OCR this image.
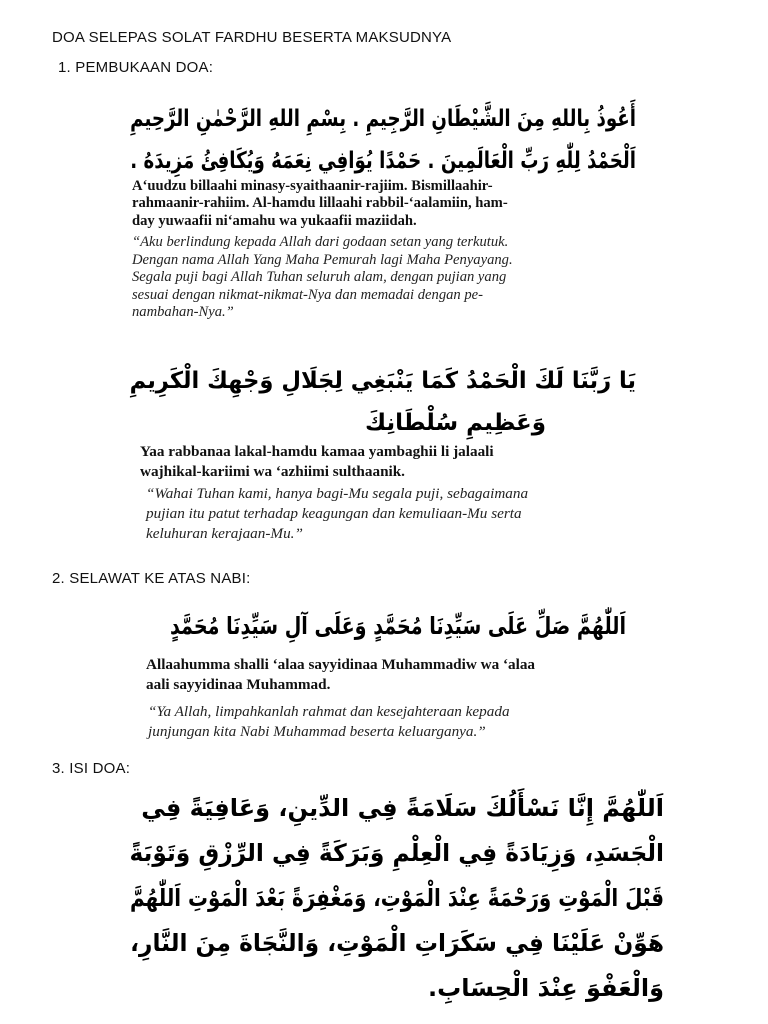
DOA SELEPAS SOLAT FARDHU BESERTA MAKSUDNYA
1. PEMBUKAAN DOA:
أَعُوذُ بِاللهِ مِنَ الشَّيْطَانِ الرَّجِيمِ . بِسْمِ اللهِ الرَّحْمٰنِ الرَّحِيمِ
اَلْحَمْدُ لِلّٰهِ رَبِّ الْعَالَمِينَ . حَمْدًا يُوَافِي نِعَمَهُ وَيُكَافِئُ مَزِيدَهُ .
A‘uudzu billaahi minasy-syaithaanir-rajiim. Bismillaahir-
rahmaanir-rahiim. Al-hamdu lillaahi rabbil-‘aalamiin, ham-
day yuwaafii ni‘amahu wa yukaafii maziidah.
“Aku berlindung kepada Allah dari godaan setan yang terkutuk.
Dengan nama Allah Yang Maha Pemurah lagi Maha Penyayang.
Segala puji bagi Allah Tuhan seluruh alam, dengan pujian yang
sesuai dengan nikmat-nikmat-Nya dan memadai dengan pe-
nambahan-Nya.”
يَا رَبَّنَا لَكَ الْحَمْدُ كَمَا يَنْبَغِي لِجَلَالِ وَجْهِكَ الْكَرِيمِ
وَعَظِيمِ سُلْطَانِكَ
Yaa rabbanaa lakal-hamdu kamaa yambaghii li jalaali
wajhikal-kariimi wa ‘azhiimi sulthaanik.
“Wahai Tuhan kami, hanya bagi-Mu segala puji, sebagaimana
pujian itu patut terhadap keagungan dan kemuliaan-Mu serta
keluhuran kerajaan-Mu.”
2. SELAWAT KE ATAS NABI:
اَللّٰهُمَّ صَلِّ عَلَى سَيِّدِنَا مُحَمَّدٍ وَعَلَى آلِ سَيِّدِنَا مُحَمَّدٍ
Allaahumma shalli ‘alaa sayyidinaa Muhammadiw wa ‘alaa
aali sayyidinaa Muhammad.
“Ya Allah, limpahkanlah rahmat dan kesejahteraan kepada
junjungan kita Nabi Muhammad beserta keluarganya.”
3. ISI DOA:
اَللّٰهُمَّ إِنَّا نَسْأَلُكَ سَلَامَةً فِي الدِّينِ، وَعَافِيَةً فِي
الْجَسَدِ، وَزِيَادَةً فِي الْعِلْمِ وَبَرَكَةً فِي الرِّزْقِ وَتَوْبَةً
قَبْلَ الْمَوْتِ وَرَحْمَةً عِنْدَ الْمَوْتِ، وَمَغْفِرَةً بَعْدَ الْمَوْتِ اَللّٰهُمَّ
هَوِّنْ عَلَيْنَا فِي سَكَرَاتِ الْمَوْتِ، وَالنَّجَاةَ مِنَ النَّارِ،
وَالْعَفْوَ عِنْدَ الْحِسَابِ.
